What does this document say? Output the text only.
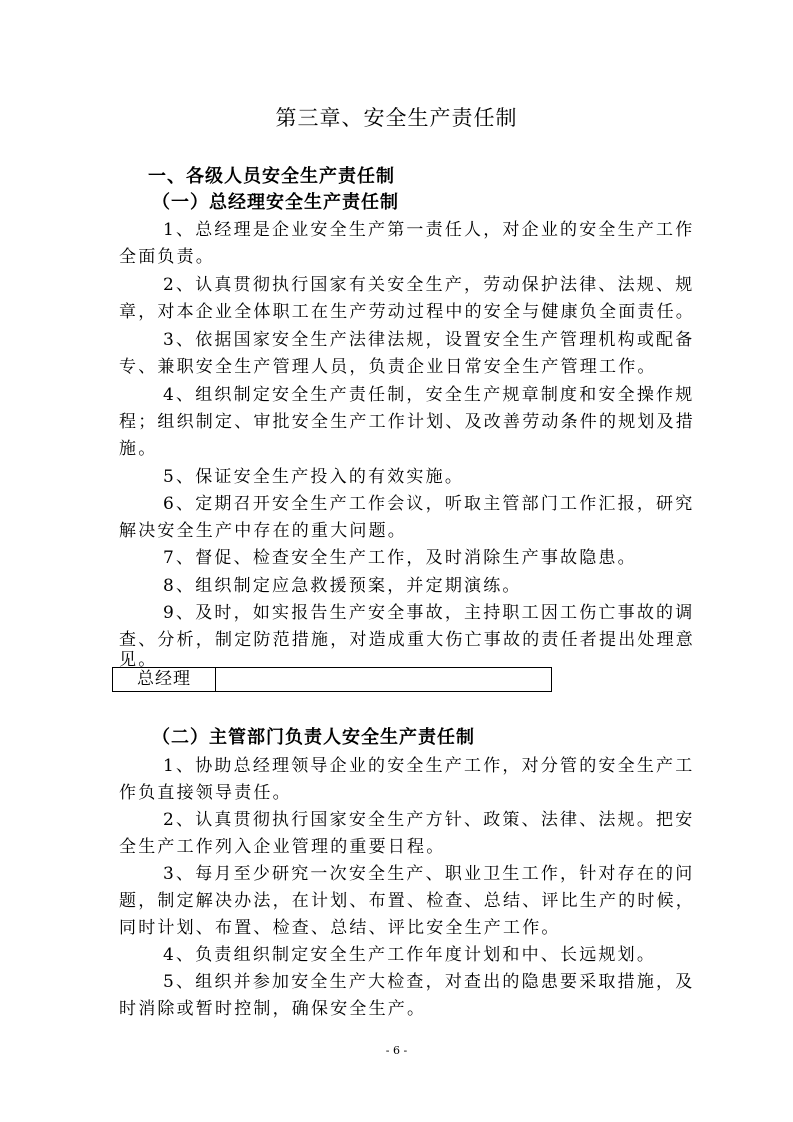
第三章、安全生产责任制
一、各级人员安全生产责任制
（一）总经理安全生产责任制
1、总经理是企业安全生产第一责任人，对企业的安全生产工作
全面负责。
2、认真贯彻执行国家有关安全生产，劳动保护法律、法规、规
章，对本企业全体职工在生产劳动过程中的安全与健康负全面责任。
3、依据国家安全生产法律法规，设置安全生产管理机构或配备
专、兼职安全生产管理人员，负责企业日常安全生产管理工作。
4、组织制定安全生产责任制，安全生产规章制度和安全操作规
程；组织制定、审批安全生产工作计划、及改善劳动条件的规划及措
施。
5、保证安全生产投入的有效实施。
6、定期召开安全生产工作会议，听取主管部门工作汇报，研究
解决安全生产中存在的重大问题。
7、督促、检查安全生产工作，及时消除生产事故隐患。
8、组织制定应急救援预案，并定期演练。
9、及时，如实报告生产安全事故，主持职工因工伤亡事故的调
查、分析，制定防范措施，对造成重大伤亡事故的责任者提出处理意
见。
总经理
（二）主管部门负责人安全生产责任制
1、协助总经理领导企业的安全生产工作，对分管的安全生产工
作负直接领导责任。
2、认真贯彻执行国家安全生产方针、政策、法律、法规。把安
全生产工作列入企业管理的重要日程。
3、每月至少研究一次安全生产、职业卫生工作，针对存在的问
题，制定解决办法，在计划、布置、检查、总结、评比生产的时候，
同时计划、布置、检查、总结、评比安全生产工作。
4、负责组织制定安全生产工作年度计划和中、长远规划。
5、组织并参加安全生产大检查，对查出的隐患要采取措施，及
时消除或暂时控制，确保安全生产。
- 6 -
